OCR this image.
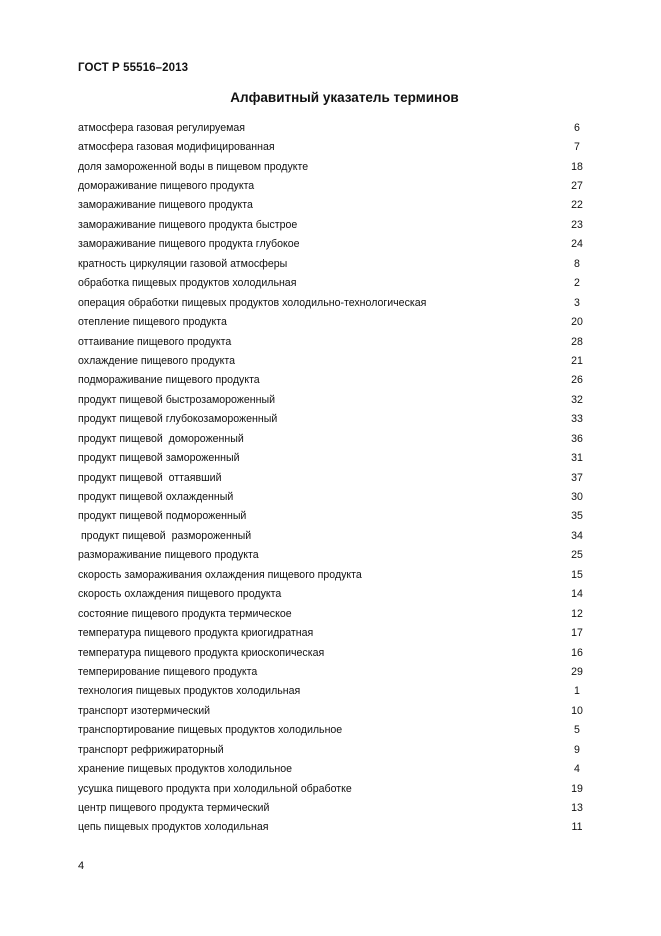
ГОСТ Р 55516–2013
Алфавитный указатель терминов
атмосфера газовая регулируемая	6
атмосфера газовая модифицированная	7
доля замороженной воды в пищевом продукте	18
домораживание пищевого продукта	27
замораживание пищевого продукта	22
замораживание пищевого продукта быстрое	23
замораживание пищевого продукта глубокое	24
кратность циркуляции газовой атмосферы	8
обработка пищевых продуктов холодильная	2
операция обработки пищевых продуктов холодильно-технологическая	3
отепление пищевого продукта	20
оттаивание пищевого продукта	28
охлаждение пищевого продукта	21
подмораживание пищевого продукта	26
продукт пищевой быстрозамороженный	32
продукт пищевой глубокозамороженный	33
продукт пищевой  домороженный	36
продукт пищевой замороженный	31
продукт пищевой  оттаявший	37
продукт пищевой охлажденный	30
продукт пищевой подмороженный	35
продукт пищевой  размороженный	34
размораживание пищевого продукта	25
скорость замораживания охлаждения пищевого продукта	15
скорость охлаждения пищевого продукта	14
состояние пищевого продукта термическое	12
температура пищевого продукта криогидратная	17
температура пищевого продукта криоскопическая	16
темперирование пищевого продукта	29
технология пищевых продуктов холодильная	1
транспорт изотермический	10
транспортирование пищевых продуктов холодильное	5
транспорт рефрижираторный	9
хранение пищевых продуктов холодильное	4
усушка пищевого продукта при холодильной обработке	19
центр пищевого продукта термический	13
цепь пищевых продуктов холодильная	11
4
